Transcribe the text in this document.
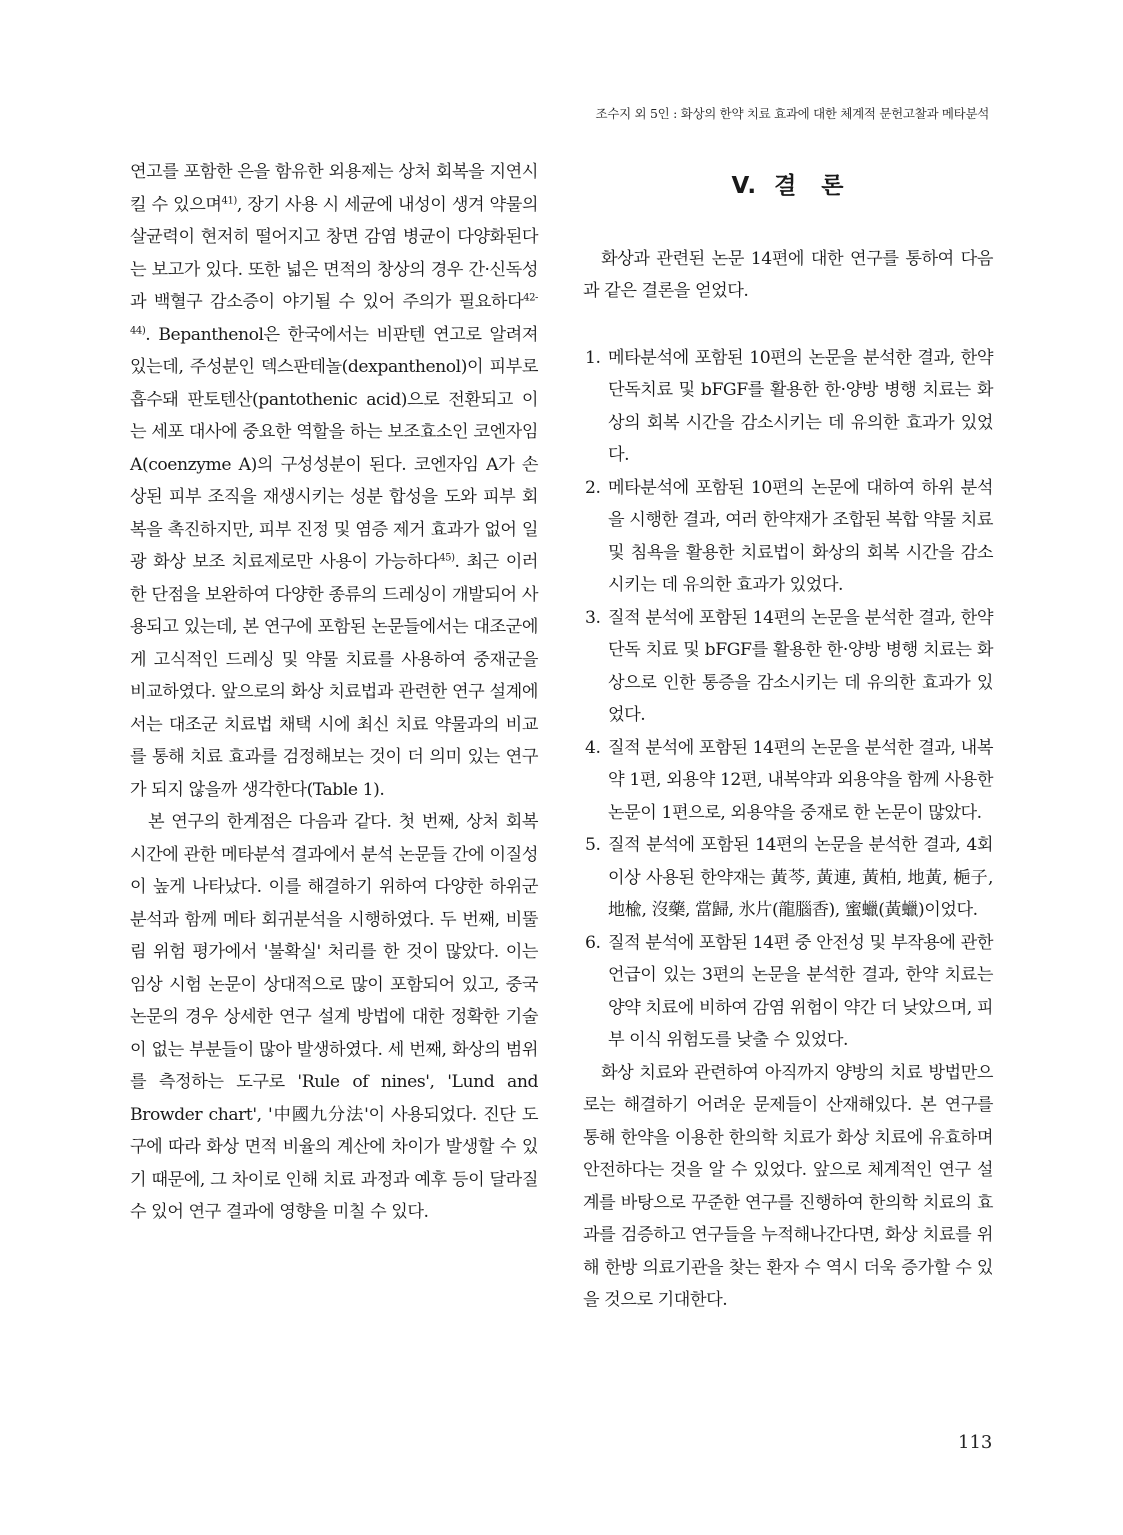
조수지 외 5인 : 화상의 한약 치료 효과에 대한 체계적 문헌고찰과 메타분석

연고를 포함한 은을 함유한 외용제는 상처 회복을 지연시킬 수 있으며$^{41)}$, 장기 사용 시 세균에 내성이 생겨 약물의 살균력이 현저히 떨어지고 창면 감염 병균이 다양화된다는 보고가 있다. 또한 넓은 면적의 창상의 경우 간·신독성과 백혈구 감소증이 야기될 수 있어 주의가 필요하다$^{42-44)}$. Bepanthenol은 한국에서는 비판텐 연고로 알려져 있는데, 주성분인 덱스판테놀(dexpanthenol)이 피부로 흡수돼 판토텐산(pantothenic acid)으로 전환되고 이는 세포 대사에 중요한 역할을 하는 보조효소인 코엔자임 A(coenzyme A)의 구성성분이 된다. 코엔자임 A가 손상된 피부 조직을 재생시키는 성분 합성을 도와 피부 회복을 촉진하지만, 피부 진정 및 염증 제거 효과가 없어 일광 화상 보조 치료제로만 사용이 가능하다$^{45)}$. 최근 이러한 단점을 보완하여 다양한 종류의 드레싱이 개발되어 사용되고 있는데, 본 연구에 포함된 논문들에서는 대조군에게 고식적인 드레싱 및 약물 치료를 사용하여 중재군을 비교하였다. 앞으로의 화상 치료법과 관련한 연구 설계에서는 대조군 치료법 채택 시에 최신 치료 약물과의 비교를 통해 치료 효과를 검정해보는 것이 더 의미 있는 연구가 되지 않을까 생각한다(Table 1).

본 연구의 한계점은 다음과 같다. 첫 번째, 상처 회복 시간에 관한 메타분석 결과에서 분석 논문들 간에 이질성이 높게 나타났다. 이를 해결하기 위하여 다양한 하위군 분석과 함께 메타 회귀분석을 시행하였다. 두 번째, 비뚤림 위험 평가에서 '불확실' 처리를 한 것이 많았다. 이는 임상 시험 논문이 상대적으로 많이 포함되어 있고, 중국 논문의 경우 상세한 연구 설계 방법에 대한 정확한 기술이 없는 부분들이 많아 발생하였다. 세 번째, 화상의 범위를 측정하는 도구로 'Rule of nines', 'Lund and Browder chart', '中國九分法'이 사용되었다. 진단 도구에 따라 화상 면적 비율의 계산에 차이가 발생할 수 있기 때문에, 그 차이로 인해 치료 과정과 예후 등이 달라질 수 있어 연구 결과에 영향을 미칠 수 있다.

V. 결　론

화상과 관련된 논문 14편에 대한 연구를 통하여 다음과 같은 결론을 얻었다.

1. 메타분석에 포함된 10편의 논문을 분석한 결과, 한약 단독치료 및 bFGF를 활용한 한·양방 병행 치료는 화상의 회복 시간을 감소시키는 데 유의한 효과가 있었다.
2. 메타분석에 포함된 10편의 논문에 대하여 하위 분석을 시행한 결과, 여러 한약재가 조합된 복합 약물 치료 및 침욕을 활용한 치료법이 화상의 회복 시간을 감소시키는 데 유의한 효과가 있었다.
3. 질적 분석에 포함된 14편의 논문을 분석한 결과, 한약 단독 치료 및 bFGF를 활용한 한·양방 병행 치료는 화상으로 인한 통증을 감소시키는 데 유의한 효과가 있었다.
4. 질적 분석에 포함된 14편의 논문을 분석한 결과, 내복약 1편, 외용약 12편, 내복약과 외용약을 함께 사용한 논문이 1편으로, 외용약을 중재로 한 논문이 많았다.
5. 질적 분석에 포함된 14편의 논문을 분석한 결과, 4회 이상 사용된 한약재는 黃芩, 黃連, 黃柏, 地黃, 梔子, 地楡, 沒藥, 當歸, 氷片(龍腦香), 蜜蠟(黃蠟)이었다.
6. 질적 분석에 포함된 14편 중 안전성 및 부작용에 관한 언급이 있는 3편의 논문을 분석한 결과, 한약 치료는 양약 치료에 비하여 감염 위험이 약간 더 낮았으며, 피부 이식 위험도를 낮출 수 있었다.

화상 치료와 관련하여 아직까지 양방의 치료 방법만으로는 해결하기 어려운 문제들이 산재해있다. 본 연구를 통해 한약을 이용한 한의학 치료가 화상 치료에 유효하며 안전하다는 것을 알 수 있었다. 앞으로 체계적인 연구 설계를 바탕으로 꾸준한 연구를 진행하여 한의학 치료의 효과를 검증하고 연구들을 누적해나간다면, 화상 치료를 위해 한방 의료기관을 찾는 환자 수 역시 더욱 증가할 수 있을 것으로 기대한다.

113
